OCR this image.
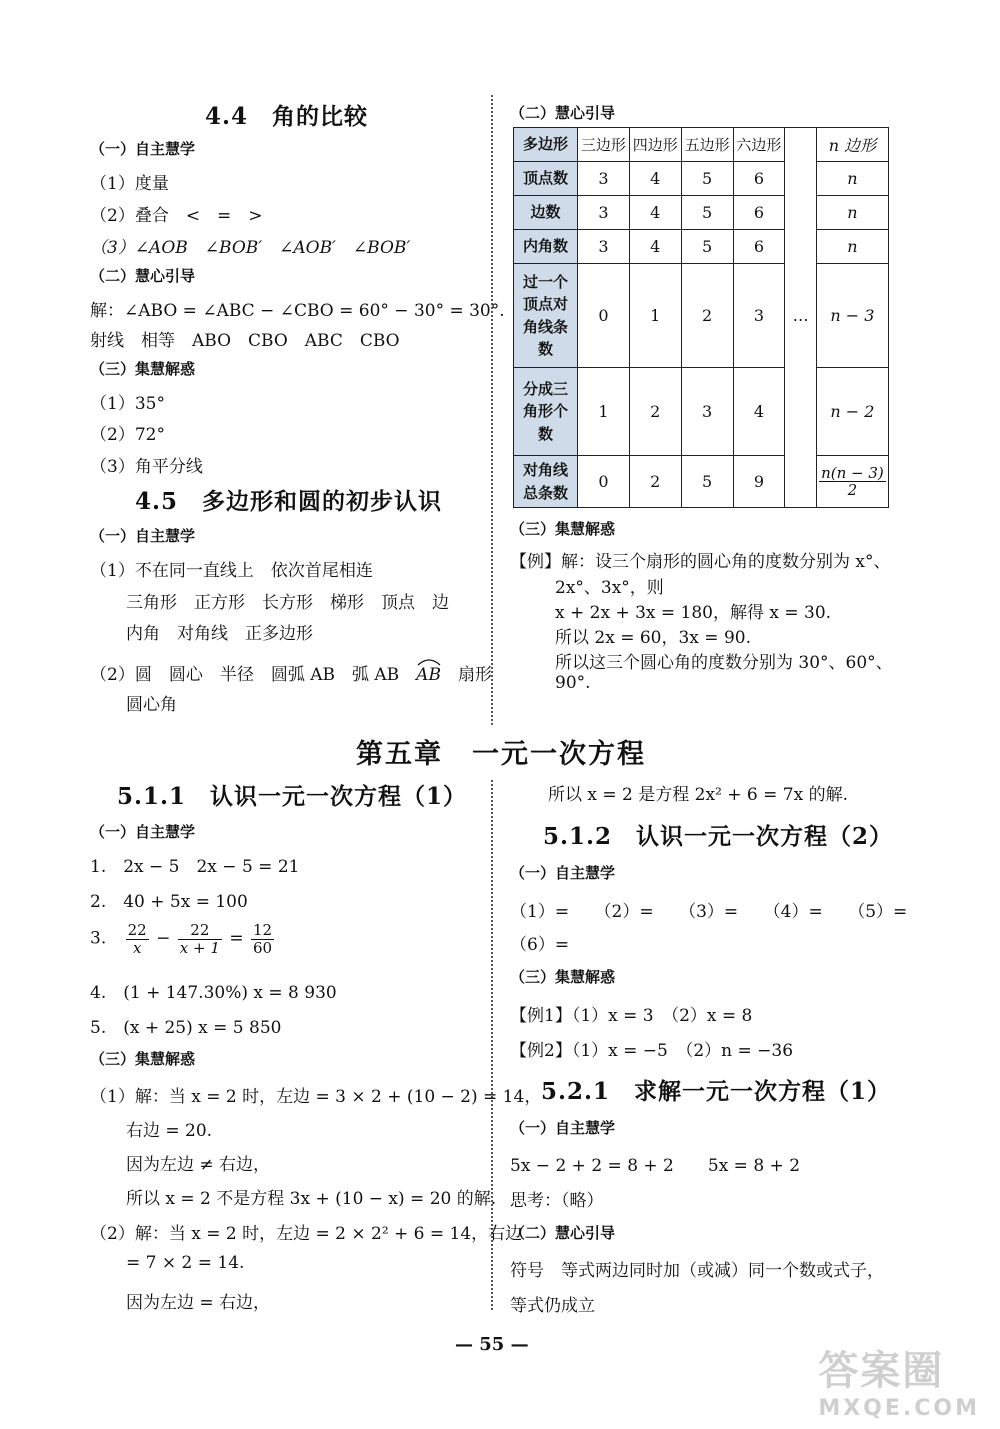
4.4　角的比较
（一）自主慧学
（1）度量
（2）叠合　<　=　>
（3）∠AOB　∠BOB′　∠AOB′　∠BOB′
（二）慧心引导
解：∠ABO = ∠ABC − ∠CBO = 60° − 30° = 30°.
射线　相等　ABO　CBO　ABC　CBO
（三）集慧解惑
（1）35°
（2）72°
（3）角平分线
4.5　多边形和圆的初步认识
（一）自主慧学
（1）不在同一直线上　依次首尾相连
三角形　正方形　长方形　梯形　顶点　边
内角　对角线　正多边形
（2）圆　圆心　半径　圆弧 AB　弧 AB　
AB　扇形
圆心角
（二）慧心引导
多边形	三边形	四边形	五边形	六边形		n 边形
顶点数	3	4	5	6		n
边数	3	4	5	6		n
内角数	3	4	5	6		n
过一个顶点对角线条数	0	1	2	3	…	n − 3
分成三角形个数	1	2	3	4		n − 2
对角线总条数	0	2	5	9		$\frac{n(n - 3)}{2}$
（三）集慧解惑
【例】解：设三个扇形的圆心角的度数分别为 x°、
2x°、3x°，则
x + 2x + 3x = 180，解得 x = 30.
所以 2x = 60，3x = 90.
所以这三个圆心角的度数分别为 30°、60°、
90°.
第五章　一元一次方程
5.1.1　认识一元一次方程（1）
（一）自主慧学
1.　2x − 5　2x − 5 = 21
2.　40 + 5x = 100
3. $\frac{22}{x} - \frac{22}{x + 1} = \frac{12}{60}$
4.　(1 + 147.30%) x = 8 930
5.　(x + 25) x = 5 850
（三）集慧解惑
（1）解：当 x = 2 时，左边 = 3 × 2 + (10 − 2) = 14，
右边 = 20.
因为左边 ≠ 右边，
所以 x = 2 不是方程 3x + (10 − x) = 20 的解.
（2）解：当 x = 2 时，左边 = 2 × 2² + 6 = 14，右边
= 7 × 2 = 14.
因为左边 = 右边，
所以 x = 2 是方程 2x² + 6 = 7x 的解.
5.1.2　认识一元一次方程（2）
（一）自主慧学
（1）=　　（2）=　　（3）=　　（4）=　　（5）=
（6）=
（三）集慧解惑
【例1】（1）x = 3　（2）x = 8
【例2】（1）x = −5　（2）n = −36
5.2.1　求解一元一次方程（1）
（一）自主慧学
5x − 2 + 2 = 8 + 2　　5x = 8 + 2
思考：（略）
（二）慧心引导
符号　等式两边同时加（或减）同一个数或式子，
等式仍成立
— 55 —
答案圈
MXQE.COM
